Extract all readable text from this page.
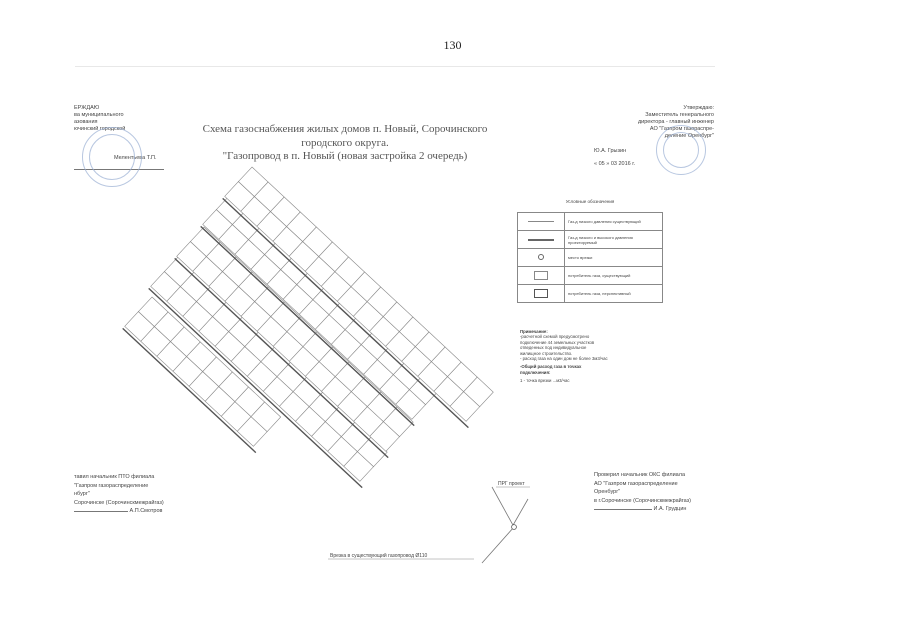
130
ЕРЖДАЮ
ва муниципального
азования
ючинский городской
Мелентьева Т.П.
Схема газоснабжения жилых домов п. Новый, Сорочинского
городского округа.
"Газопровод в п. Новый (новая застройка 2 очередь)
Утверждаю:
Заместитель генерального
директора - главный инженер
АО "Газпром газораспре-
деление Оренбург"
Ю.А. Грызин
« 05 » 03 2016 г.
ПРГ проект
Врезка в существующий газопровод Ø110
Условные обозначения
	Газ-д низкого давления существующий
	Газ-д низкого и высокого давления проектируемый
	место врезки
	потребитель газа, существующий
	потребитель газа, перспективный
Примечание:
-расчетной схемой предусмотрено
подключение 44 земельных участков
отведенных под индивидуальное
жилищное строительство.
- расход газа на один дом не более 3м3/час
-Общий расход газа в точках
подключения:
1 - точка врезки ...м3/час
тавил начальник ПТО филиала
"Газпром газораспределение
нбург"
Сорочинске (Сорочинскмежрайгаз)
А.П.Смотров
Проверил начальник ОКС филиала
АО "Газпром газораспределение
Оренбург"
в г.Сорочинске (Сорочинскмежрайгаз)
И.А. Грудцин
